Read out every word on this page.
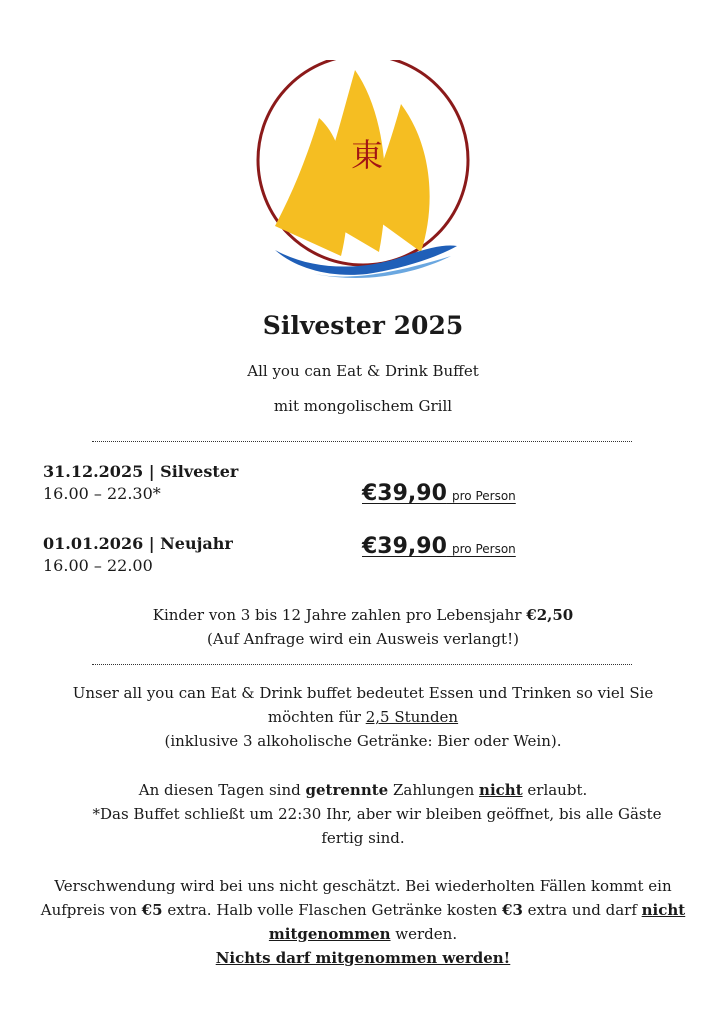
東
Silvester 2025
All you can Eat & Drink Buffet
mit mongolischem Grill
31.12.2025 | Silvester
16.00 – 22.30*	€39,90 pro Person
01.01.2026 | Neujahr
16.00 – 22.00
€39,90 pro Person
Kinder von 3 bis 12 Jahre zahlen pro Lebensjahr €2,50
(Auf Anfrage wird ein Ausweis verlangt!)
Unser all you can Eat & Drink buffet bedeutet Essen und Trinken so viel Sie
möchten für 2,5 Stunden
(inklusive 3 alkoholische Getränke: Bier oder Wein).
An diesen Tagen sind getrennte Zahlungen nicht erlaubt.
*Das Buffet schließt um 22:30 Ihr, aber wir bleiben geöffnet, bis alle Gäste
fertig sind.
Verschwendung wird bei uns nicht geschätzt. Bei wiederholten Fällen kommt ein
Aufpreis von €5 extra. Halb volle Flaschen Getränke kosten €3 extra und darf nicht
mitgenommen werden.
Nichts darf mitgenommen werden!
